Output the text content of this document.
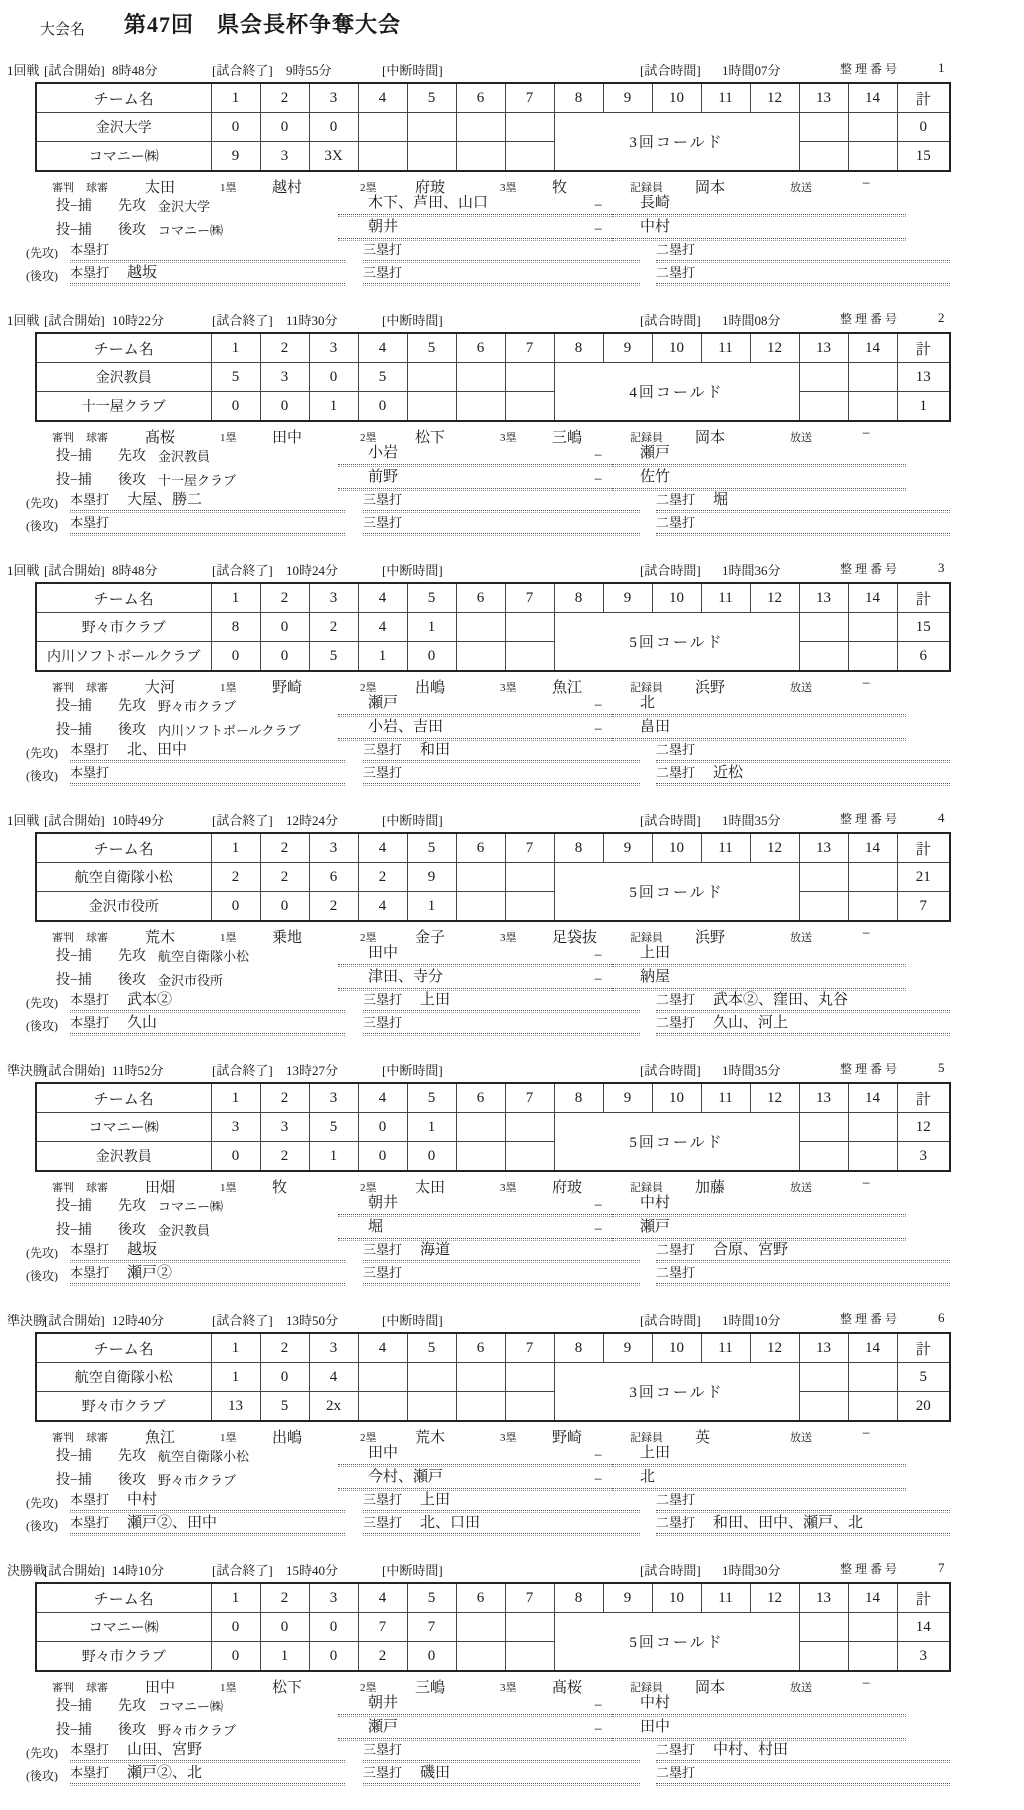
大会名 第47回　県会長杯争奪大会
1回戦 [試合開始] 8時48分	[試合終了] 9時55分	[中断時間]	[試合時間] 1時間07分	整理番号	1
チーム名	1	2	3	4	5	6	7	8	9	10	11	12	13	14	計
金沢大学	0	0	0					3回コールド							0
コマニー㈱	9	3	3X												15
審判 球審 太田	1塁 越村	2塁	府玻	3塁 牧	記録員 岡本	放送	−
投−捕 先攻 金沢大学	木下、芦田、山口	−	長崎
投−捕 後攻 コマニー㈱	朝井	−	中村
(先攻) 本塁打	三塁打	二塁打
(後攻) 本塁打 越坂	三塁打	二塁打
1回戦 [試合開始] 10時22分	[試合終了] 11時30分	[中断時間]	[試合時間] 1時間08分	整理番号	2
チーム名	1	2	3	4	5	6	7	8	9	10	11	12	13	14	計
金沢教員	5	3	0	5				4回コールド							13
十一屋クラブ	0	0	1	0											1
審判 球審 髙桜	1塁 田中	2塁	松下	3塁 三嶋	記録員 岡本	放送	−
投−捕 先攻 金沢教員	小岩	−	瀬戸
投−捕 後攻 十一屋クラブ	前野	−	佐竹
(先攻) 本塁打 大屋、勝二	三塁打	二塁打 堀
(後攻) 本塁打	三塁打	二塁打
1回戦 [試合開始] 8時48分	[試合終了] 10時24分	[中断時間]	[試合時間] 1時間36分	整理番号	3
チーム名	1	2	3	4	5	6	7	8	9	10	11	12	13	14	計
野々市クラブ	8	0	2	4	1			5回コールド							15
内川ソフトボールクラブ	0	0	5	1	0										6
審判 球審 大河	1塁 野崎	2塁	出嶋	3塁 魚江	記録員 浜野	放送	−
投−捕 先攻 野々市クラブ	瀬戸	−	北
投−捕 後攻 内川ソフトボールクラブ	小岩、吉田	−	畠田
(先攻) 本塁打 北、田中	三塁打 和田	二塁打
(後攻) 本塁打	三塁打	二塁打 近松
1回戦 [試合開始] 10時49分	[試合終了] 12時24分	[中断時間]	[試合時間] 1時間35分	整理番号	4
チーム名	1	2	3	4	5	6	7	8	9	10	11	12	13	14	計
航空自衛隊小松	2	2	6	2	9			5回コールド							21
金沢市役所	0	0	2	4	1										7
審判 球審 荒木	1塁 乗地	2塁	金子	3塁 足袋抜	記録員 浜野	放送	−
投−捕 先攻 航空自衛隊小松	田中	−	上田
投−捕 後攻 金沢市役所	津田、寺分	−	納屋
(先攻) 本塁打 武本②	三塁打 上田	二塁打 武本②、窪田、丸谷
(後攻) 本塁打 久山	三塁打	二塁打 久山、河上
準決勝
[試合開始] 11時52分	[試合終了] 13時27分	[中断時間]	[試合時間] 1時間35分	整理番号	5
チーム名	1	2	3	4	5	6	7	8	9	10	11	12	13	14	計
コマニー㈱	3	3	5	0	1			5回コールド							12
金沢教員	0	2	1	0	0										3
審判 球審 田畑	1塁 牧	2塁	太田	3塁 府玻	記録員 加藤	放送	−
投−捕 先攻 コマニー㈱	朝井	−	中村
投−捕 後攻 金沢教員	堀	−	瀬戸
(先攻) 本塁打 越坂	三塁打 海道	二塁打 合原、宮野
(後攻) 本塁打 瀬戸②	三塁打	二塁打
準決勝
[試合開始] 12時40分	[試合終了] 13時50分	[中断時間]	[試合時間] 1時間10分	整理番号	6
チーム名	1	2	3	4	5	6	7	8	9	10	11	12	13	14	計
航空自衛隊小松	1	0	4					3回コールド							5
野々市クラブ	13	5	2x												20
審判 球審 魚江	1塁 出嶋	2塁	荒木	3塁 野崎	記録員 英	放送	−
投−捕 先攻 航空自衛隊小松	田中	−	上田
投−捕 後攻 野々市クラブ	今村、瀬戸	−	北
(先攻) 本塁打 中村	三塁打 上田	二塁打
(後攻) 本塁打 瀬戸②、田中	三塁打 北、口田	二塁打 和田、田中、瀬戸、北
決勝戦
[試合開始] 14時10分	[試合終了] 15時40分	[中断時間]	[試合時間] 1時間30分	整理番号	7
チーム名	1	2	3	4	5	6	7	8	9	10	11	12	13	14	計
コマニー㈱	0	0	0	7	7			5回コールド							14
野々市クラブ	0	1	0	2	0										3
審判 球審 田中	1塁 松下	2塁	三嶋	3塁 髙桜	記録員 岡本	放送	−
投−捕 先攻 コマニー㈱	朝井	−	中村
投−捕 後攻 野々市クラブ	瀬戸	−	田中
(先攻) 本塁打 山田、宮野	三塁打	二塁打 中村、村田
(後攻) 本塁打 瀬戸②、北	三塁打 磯田	二塁打
